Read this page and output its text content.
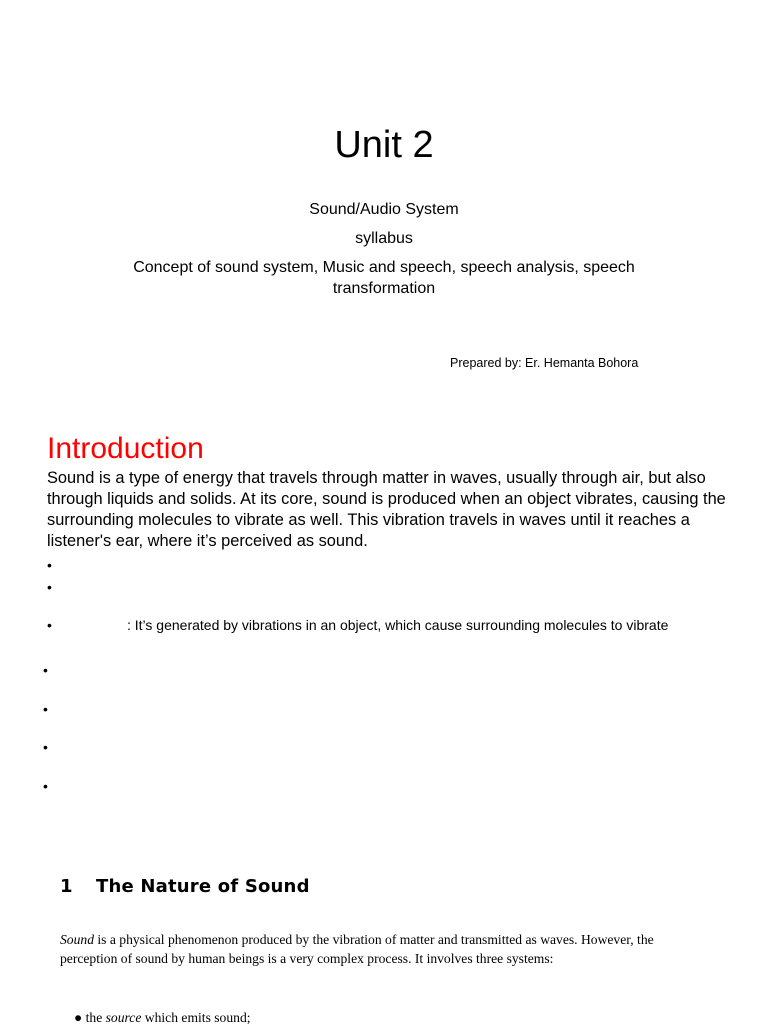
Unit 2
Sound/Audio System
syllabus
Concept of sound system, Music and speech, speech analysis, speech transformation
Prepared by: Er. Hemanta Bohora
Introduction
Sound is a type of energy that travels through matter in waves, usually through air, but also through liquids and solids. At its core, sound is produced when an object vibrates, causing the surrounding molecules to vibrate as well. This vibration travels in waves until it reaches a listener's ear, where it’s perceived as sound.
•
•
•	: It’s generated by vibrations in an object, which cause surrounding molecules to vibrate
•
•
•
•
1 The Nature of Sound
Sound is a physical phenomenon produced by the vibration of matter and transmitted as waves. However, the perception of sound by human beings is a very complex process. It involves three systems:
● the source which emits sound;
